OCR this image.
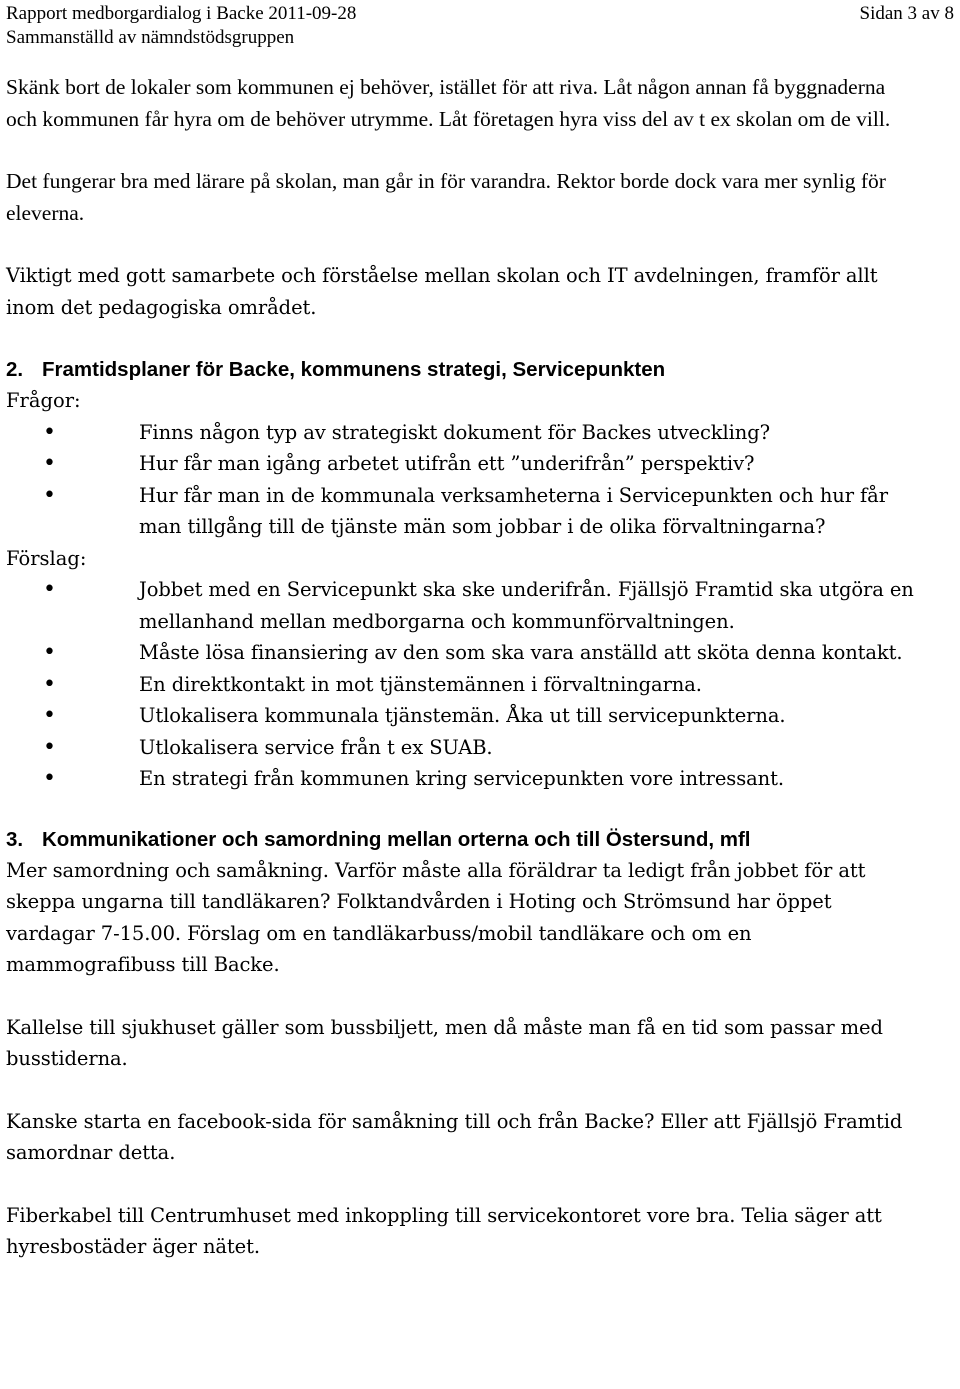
Rapport medborgardialog i Backe 2011-09-28
Sammanställd av nämndstödsgruppen
Sidan 3 av 8

Skänk bort de lokaler som kommunen ej behöver, istället för att riva. Låt någon annan få byggnaderna och kommunen får hyra om de behöver utrymme. Låt företagen hyra viss del av t ex skolan om de vill.

Det fungerar bra med lärare på skolan, man går in för varandra. Rektor borde dock vara mer synlig för eleverna.

Viktigt med gott samarbete och förståelse mellan skolan och IT avdelningen, framför allt inom det pedagogiska området.

2. Framtidsplaner för Backe, kommunens strategi, Servicepunkten

Frågor:

•	Finns någon typ av strategiskt dokument för Backes utveckling?
•	Hur får man igång arbetet utifrån ett ”underifrån” perspektiv?
•	Hur får man in de kommunala verksamheterna i Servicepunkten och hur får man tillgång till de tjänste män som jobbar i de olika förvaltningarna?

Förslag:

•	Jobbet med en Servicepunkt ska ske underifrån. Fjällsjö Framtid ska utgöra en mellanhand mellan medborgarna och kommunförvaltningen.
•	Måste lösa finansiering av den som ska vara anställd att sköta denna kontakt.
•	En direktkontakt in mot tjänstemännen i förvaltningarna.
•	Utlokalisera kommunala tjänstemän. Åka ut till servicepunkterna.
•	Utlokalisera service från t ex SUAB.
•	En strategi från kommunen kring servicepunkten vore intressant.

3. Kommunikationer och samordning mellan orterna och till Östersund, mfl

Mer samordning och samåkning. Varför måste alla föräldrar ta ledigt från jobbet för att skeppa ungarna till tandläkaren? Folktandvården i Hoting och Strömsund har öppet vardagar 7-15.00. Förslag om en tandläkarbuss/mobil tandläkare och om en mammografibuss till Backe.

Kallelse till sjukhuset gäller som bussbiljett, men då måste man få en tid som passar med busstiderna.

Kanske starta en facebook-sida för samåkning till och från Backe? Eller att Fjällsjö Framtid samordnar detta.

Fiberkabel till Centrumhuset med inkoppling till servicekontoret vore bra. Telia säger att hyresbostäder äger nätet.
